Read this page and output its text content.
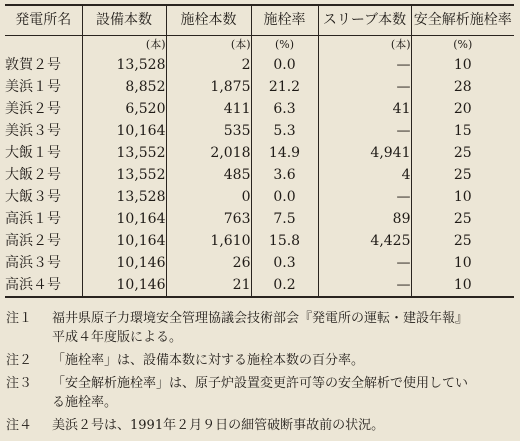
発電所名	設備本数	施栓本数	施栓率	スリーブ本数	安全解析施栓率
	(本)	(本)	(%)	(本)	(%)
敦賀２号	13,528	2	0.0	—	10
美浜１号	8,852	1,875	21.2	—	28
美浜２号	6,520	411	6.3	41	20
美浜３号	10,164	535	5.3	—	15
大飯１号	13,552	2,018	14.9	4,941	25
大飯２号	13,552	485	3.6	4	25
大飯３号	13,528	0	0.0	—	10
高浜１号	10,164	763	7.5	89	25
高浜２号	10,164	1,610	15.8	4,425	25
高浜３号	10,146	26	0.3	—	10
高浜４号	10,146	21	0.2	—	10
注１	福井県原子力環境安全管理協議会技術部会『発電所の運転・建設年報』
平成４年度版による。
注２	「施栓率」は、設備本数に対する施栓本数の百分率。
注３	「安全解析施栓率」は、原子炉設置変更許可等の安全解析で使用してい
る施栓率。
注４	美浜２号は、1991年２月９日の細管破断事故前の状況。
